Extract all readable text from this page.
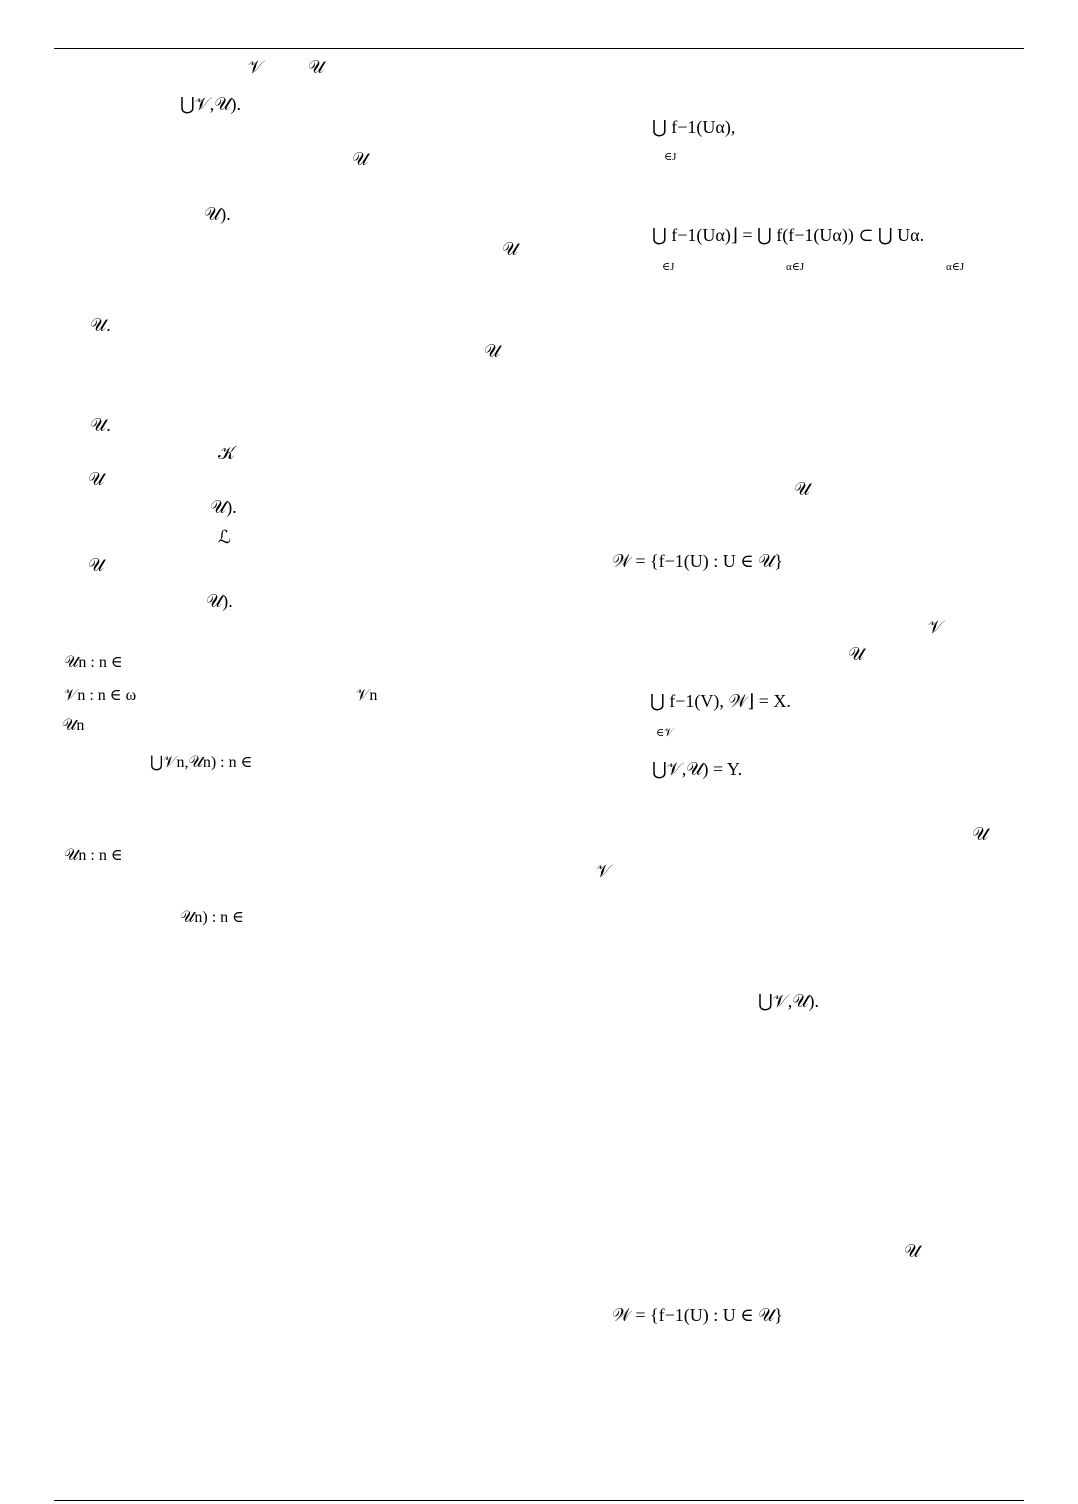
𝒱	𝒰
⋃𝒱,𝒰).
𝒰
𝒰).
𝒰
𝒰.
𝒰
𝒰.
𝒦
𝒰
𝒰).
ℒ
𝒰
𝒰).
𝒰n : n ∈
𝒱n : n ∈ ω	𝒱n
𝒰n
⋃𝒱n,𝒰n) : n ∈
𝒰n : n ∈
𝒰n) : n ∈
⋃ f−1(Uα),
∈J
⋃ f−1(Uα)⌋ = ⋃ f(f−1(Uα)) ⊂ ⋃ Uα.
∈J	α∈J	α∈J
𝒰
𝒲 = {f−1(U) : U ∈ 𝒰}
𝒱
𝒰
⋃ f−1(V), 𝒲⌋ = X.
∈𝒱
⋃𝒱,𝒰) = Y.
𝒰
𝒱
⋃𝒱,𝒰).
𝒰
𝒲 = {f−1(U) : U ∈ 𝒰}
